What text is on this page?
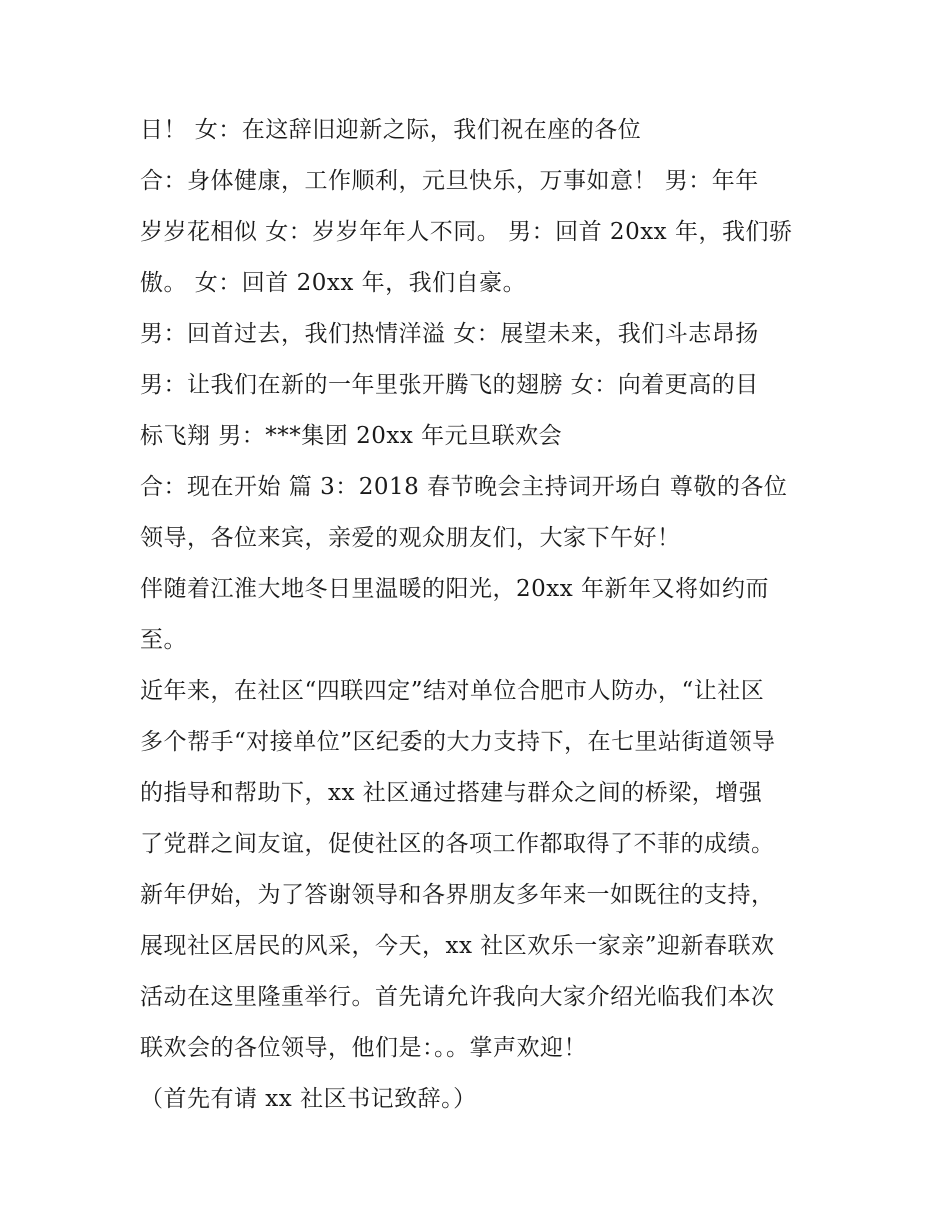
日！ 女：在这辞旧迎新之际，我们祝在座的各位
合：身体健康，工作顺利，元旦快乐，万事如意！ 男：年年
岁岁花相似 女：岁岁年年人不同。 男：回首 20xx 年，我们骄
傲。 女：回首 20xx 年，我们自豪。
男：回首过去，我们热情洋溢 女：展望未来，我们斗志昂扬
男：让我们在新的一年里张开腾飞的翅膀 女：向着更高的目
标飞翔 男：***集团 20xx 年元旦联欢会
合：现在开始 篇 3：2018 春节晚会主持词开场白 尊敬的各位
领导，各位来宾，亲爱的观众朋友们，大家下午好！
伴随着江淮大地冬日里温暖的阳光，20xx 年新年又将如约而
至。
近年来，在社区“四联四定”结对单位合肥市人防办，“让社区
多个帮手“对接单位”区纪委的大力支持下，在七里站街道领导
的指导和帮助下，xx 社区通过搭建与群众之间的桥梁，增强
了党群之间友谊，促使社区的各项工作都取得了不菲的成绩。
新年伊始，为了答谢领导和各界朋友多年来一如既往的支持，
展现社区居民的风采，今天，xx 社区欢乐一家亲”迎新春联欢
活动在这里隆重举行。首先请允许我向大家介绍光临我们本次
联欢会的各位领导，他们是：。。掌声欢迎！
（首先有请 xx 社区书记致辞。）
